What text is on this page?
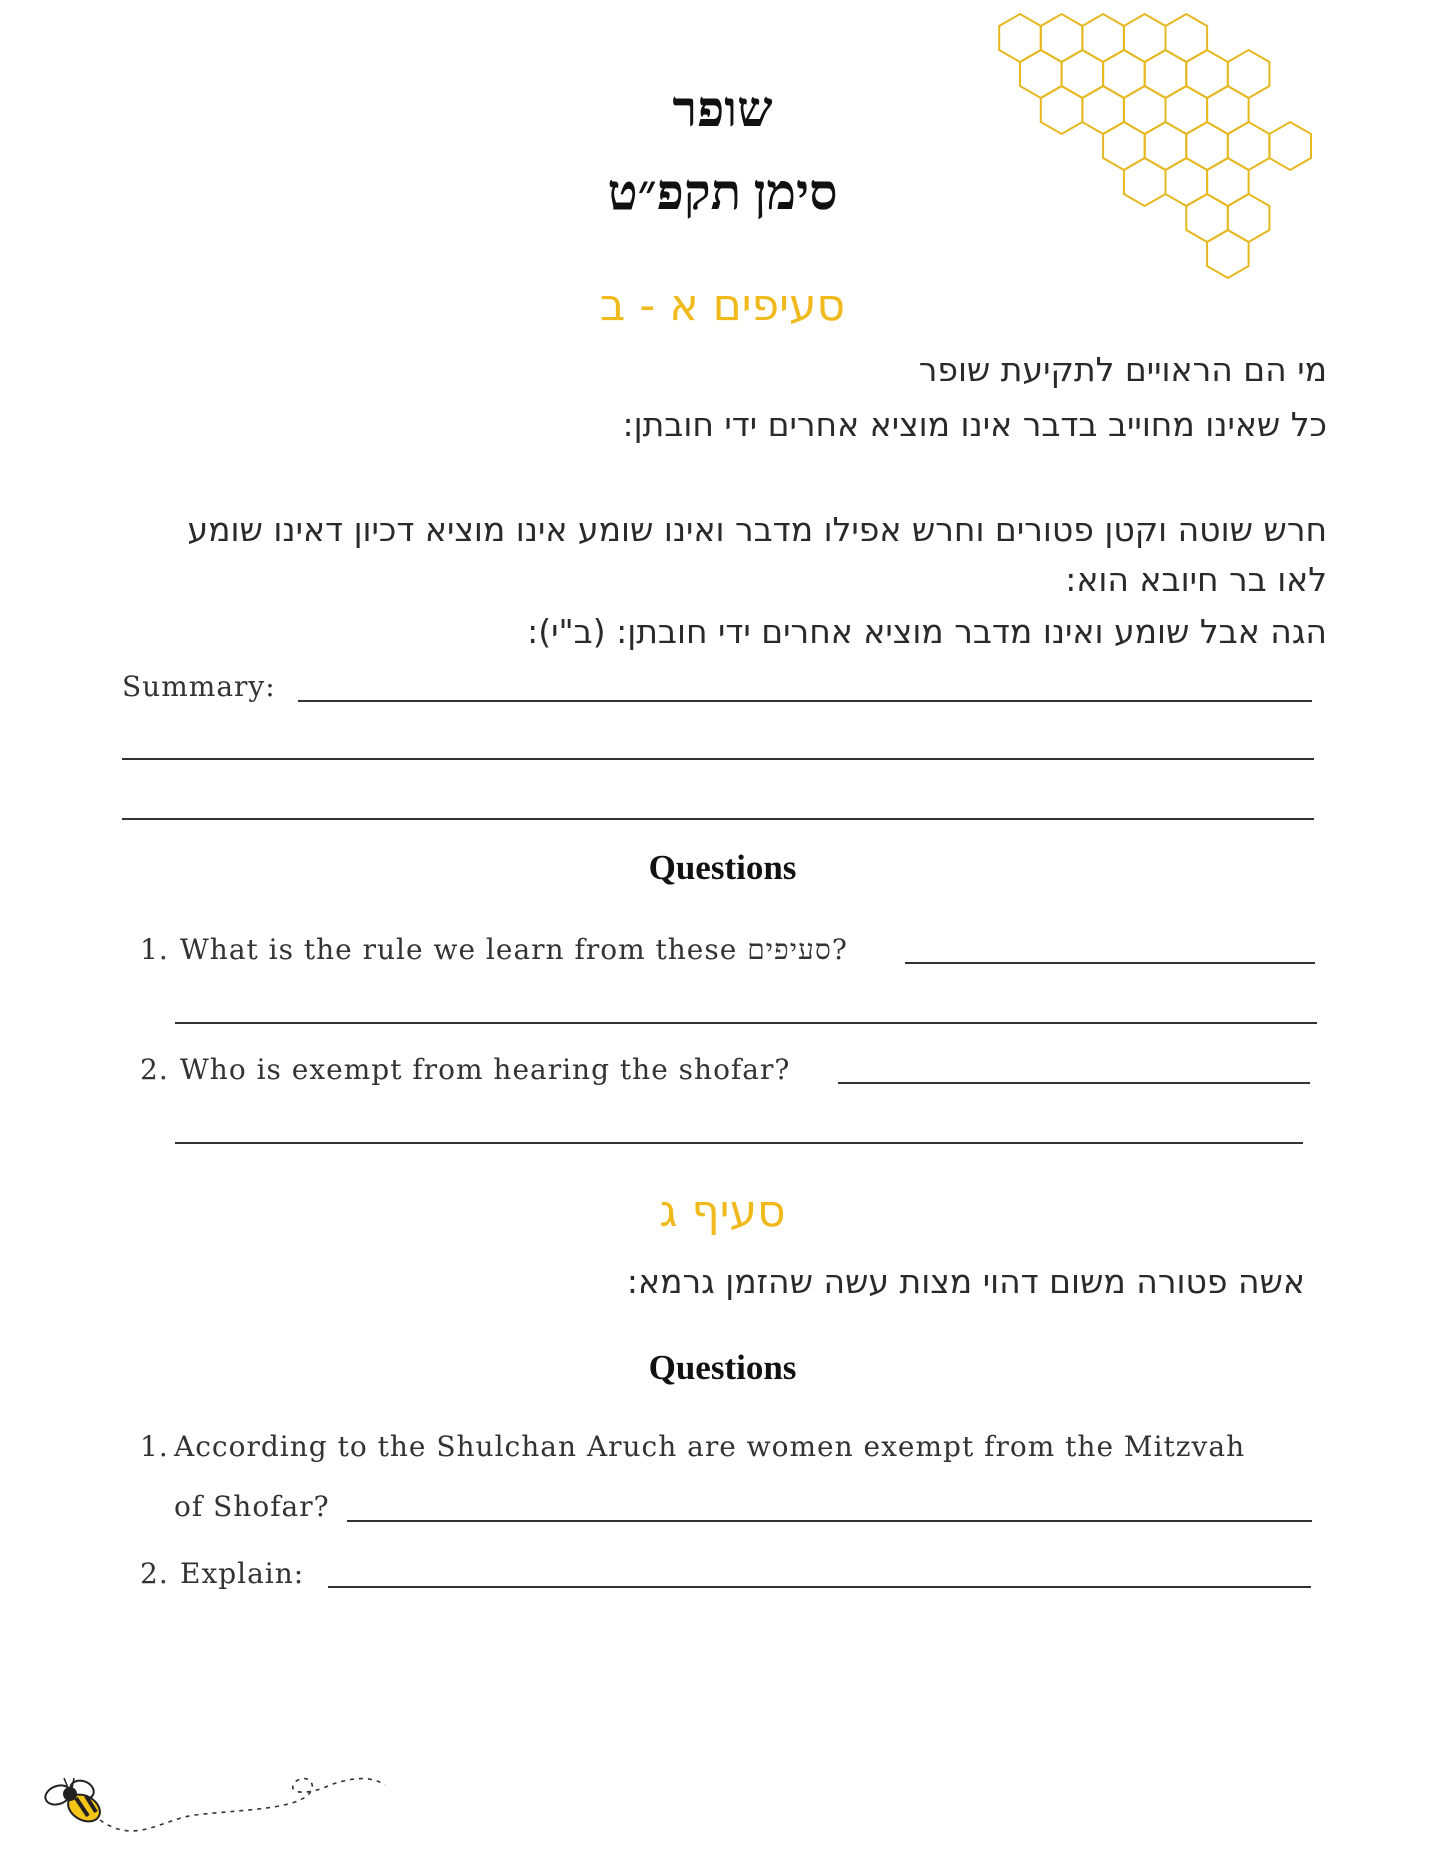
שופר
סימן תקפ״ט
סעיפים א - ב
מי הם הראויים לתקיעת שופר
כל שאינו מחוייב בדבר אינו מוציא אחרים ידי חובתן:
חרש שוטה וקטן פטורים וחרש אפילו מדבר ואינו שומע אינו מוציא דכיון דאינו שומע
לאו בר חיובא הוא:
הגה אבל שומע ואינו מדבר מוציא אחרים ידי חובתן: (ב"י):
Summary:
Questions
1. What is the rule we learn from these סעיפים?
2. Who is exempt from hearing the shofar?
סעיף ג
אשה פטורה משום דהוי מצות עשה שהזמן גרמא:
Questions
1. According to the Shulchan Aruch are women exempt from the Mitzvah
of Shofar?
2. Explain:
